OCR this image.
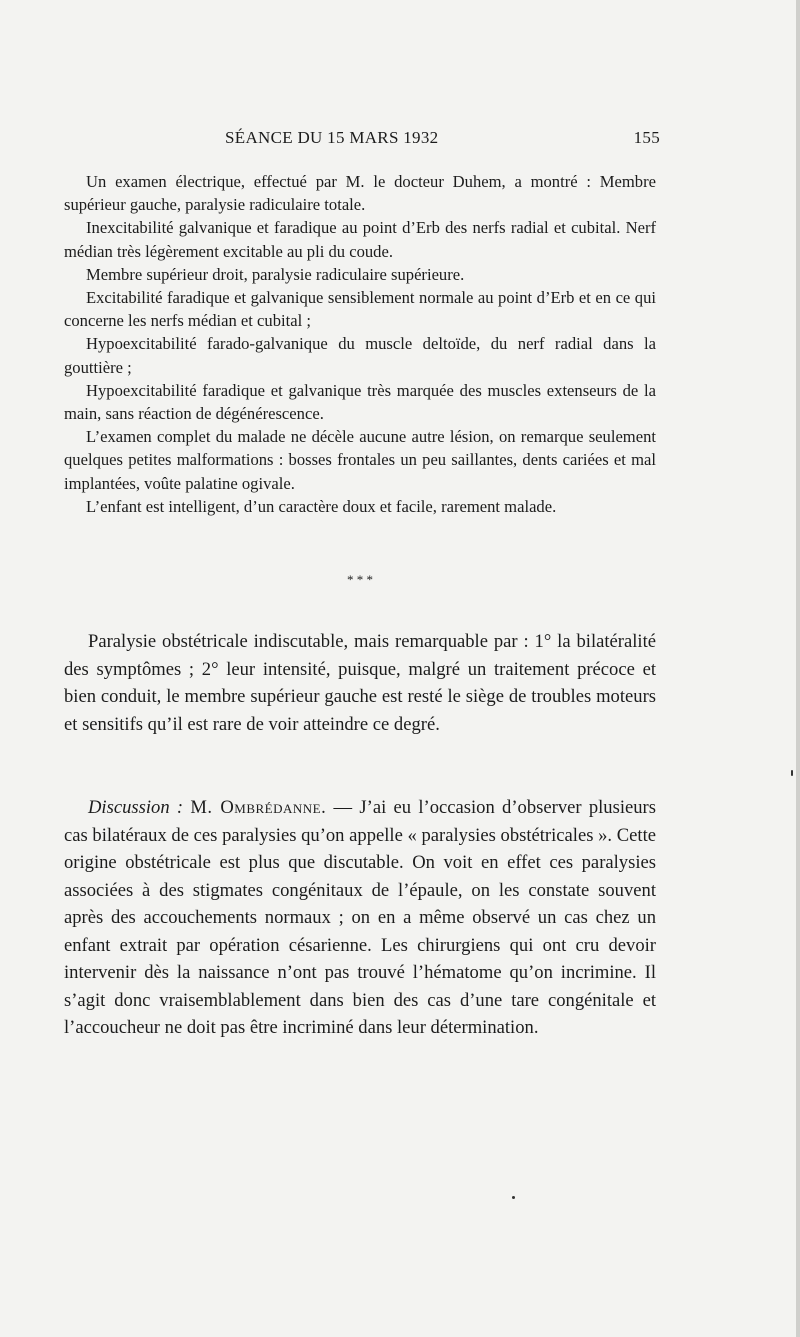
SÉANCE DU 15 MARS 1932	155

Un examen électrique, effectué par M. le docteur Duhem, a montré : Membre supérieur gauche, paralysie radiculaire totale.

Inexcitabilité galvanique et faradique au point d’Erb des nerfs radial et cubital. Nerf médian très légèrement excitable au pli du coude.

Membre supérieur droit, paralysie radiculaire supérieure.

Excitabilité faradique et galvanique sensiblement normale au point d’Erb et en ce qui concerne les nerfs médian et cubital ;

Hypoexcitabilité farado-galvanique du muscle deltoïde, du nerf radial dans la gouttière ;

Hypoexcitabilité faradique et galvanique très marquée des muscles extenseurs de la main, sans réaction de dégénérescence.

L’examen complet du malade ne décèle aucune autre lésion, on remarque seulement quelques petites malformations : bosses frontales un peu saillantes, dents cariées et mal implantées, voûte palatine ogivale.

L’enfant est intelligent, d’un caractère doux et facile, rarement malade.

* * *

Paralysie obstétricale indiscutable, mais remarquable par : 1° la bilatéralité des symptômes ; 2° leur intensité, puisque, malgré un traitement précoce et bien conduit, le membre supérieur gauche est resté le siège de troubles moteurs et sensitifs qu’il est rare de voir atteindre ce degré.

Discussion : M. Ombrédanne. — J’ai eu l’occasion d’observer plusieurs cas bilatéraux de ces paralysies qu’on appelle « paralysies obstétricales ». Cette origine obstétricale est plus que discutable. On voit en effet ces paralysies associées à des stigmates congénitaux de l’épaule, on les constate souvent après des accouchements normaux ; on en a même observé un cas chez un enfant extrait par opération césarienne. Les chirurgiens qui ont cru devoir intervenir dès la naissance n’ont pas trouvé l’hématome qu’on incrimine. Il s’agit donc vraisemblablement dans bien des cas d’une tare congénitale et l’accoucheur ne doit pas être incriminé dans leur détermination.
